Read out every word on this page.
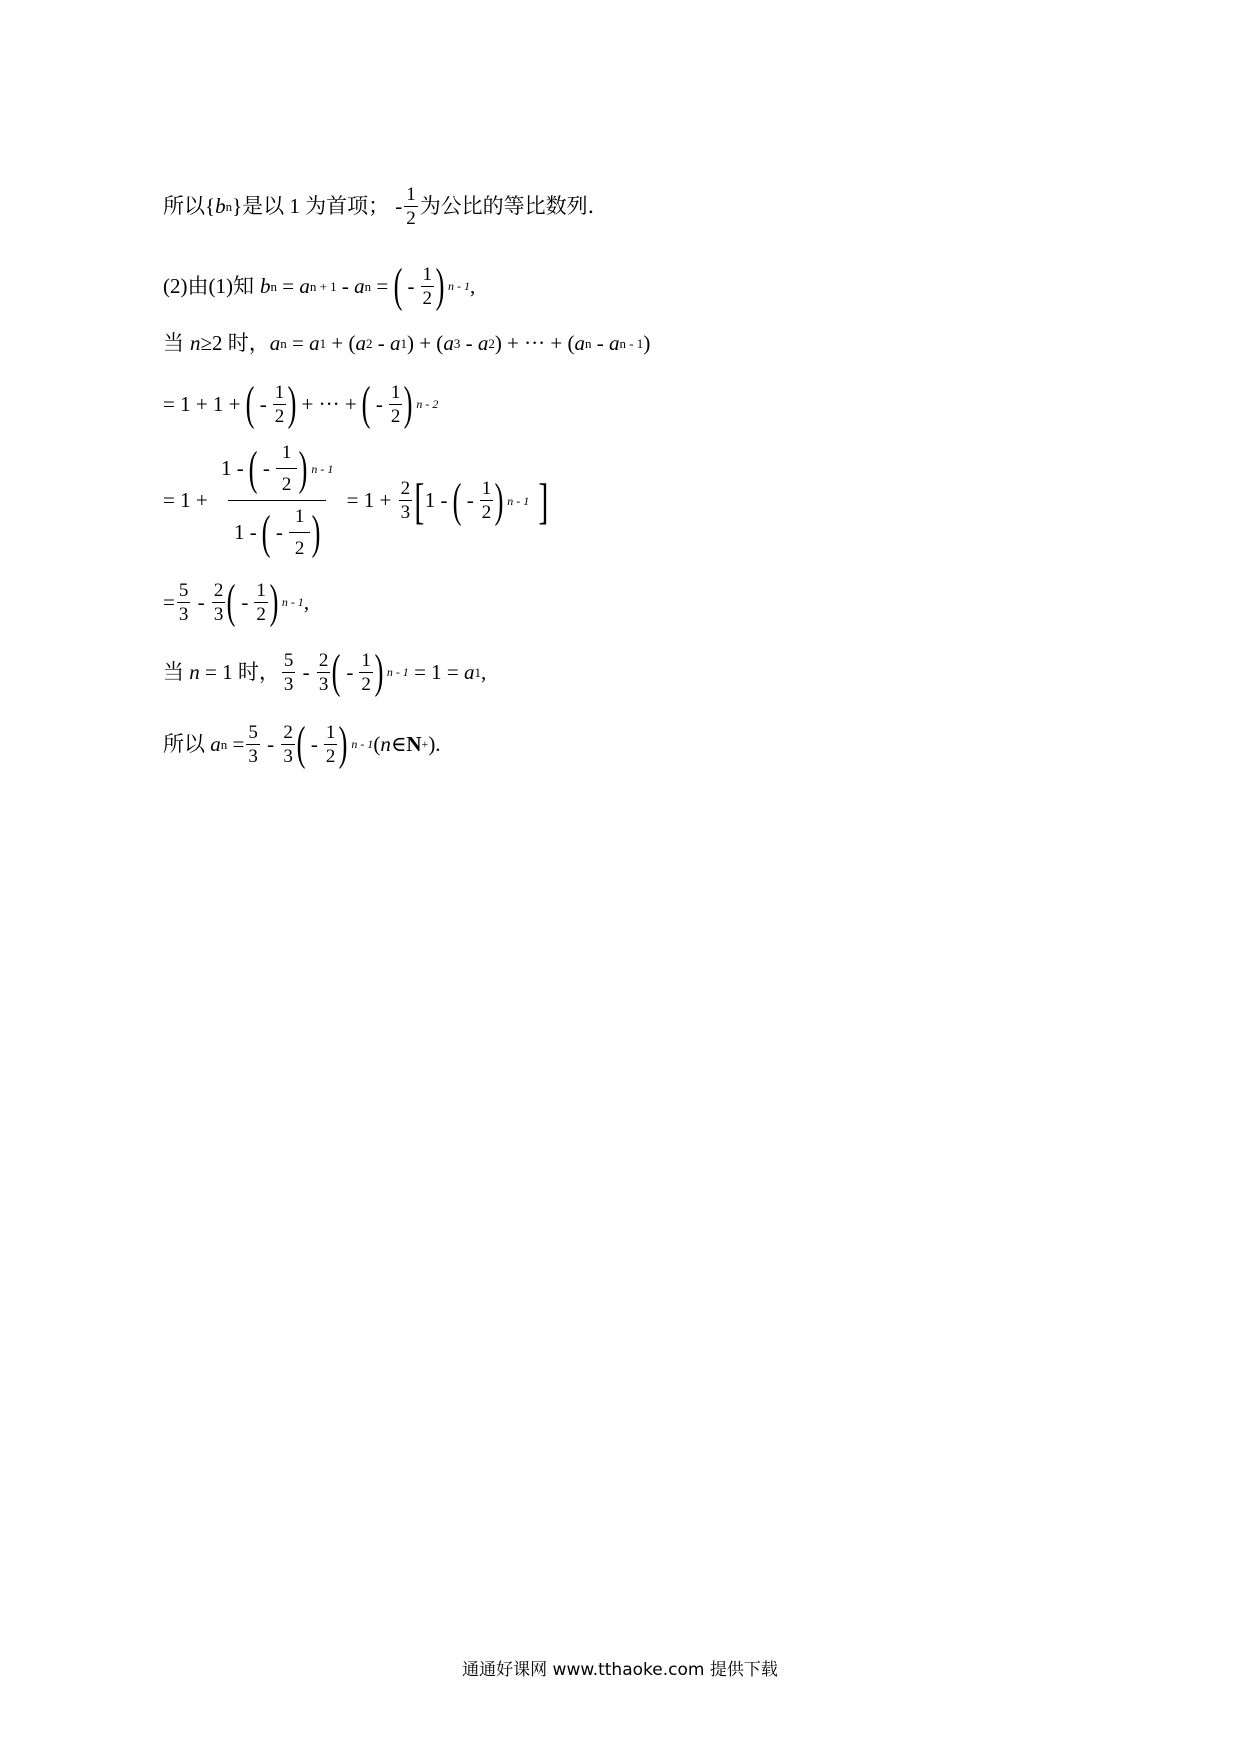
所以 { b n }是以 1 为首项； - $\frac{1}{2}$ 为公比的等比数列．
(2)由(1)知 b n = a n + 1 - a n = ( - $\frac{1}{2}$ ) n - 1 ,
当 n ≥2 时， a n = a 1 + ( a 2 - a 1 ) + ( a 3 - a 2 ) + ··· + ( a n - a n - 1 )
= 1 + 1 + ( - $\frac{1}{2}$ ) + ··· + ( - $\frac{1}{2}$ ) n - 2
= $1 + \frac{1 - ( - \frac{1}{2} ) n - 1}{1 - ( - \frac{1}{2} )} = 1 + \frac{2}{3}$ [ 1 - ( - $\frac{1}{2}$ ) n - 1 ]
= $\frac{5}{3} - \frac{2}{3}$ ( - $\frac{1}{2}$ ) n - 1 ,
当 n = 1 时， $\frac{5}{3} - \frac{2}{3}$ ( - $\frac{1}{2}$ ) n - 1 = 1 = a 1 ,
所以 a $n = \frac{5}{3} - \frac{2}{3}$ ( - $\frac{1}{2}$ ) n - 1 ( n ∈ N + ).
通通好课网 www.tthaoke.com 提供下载
